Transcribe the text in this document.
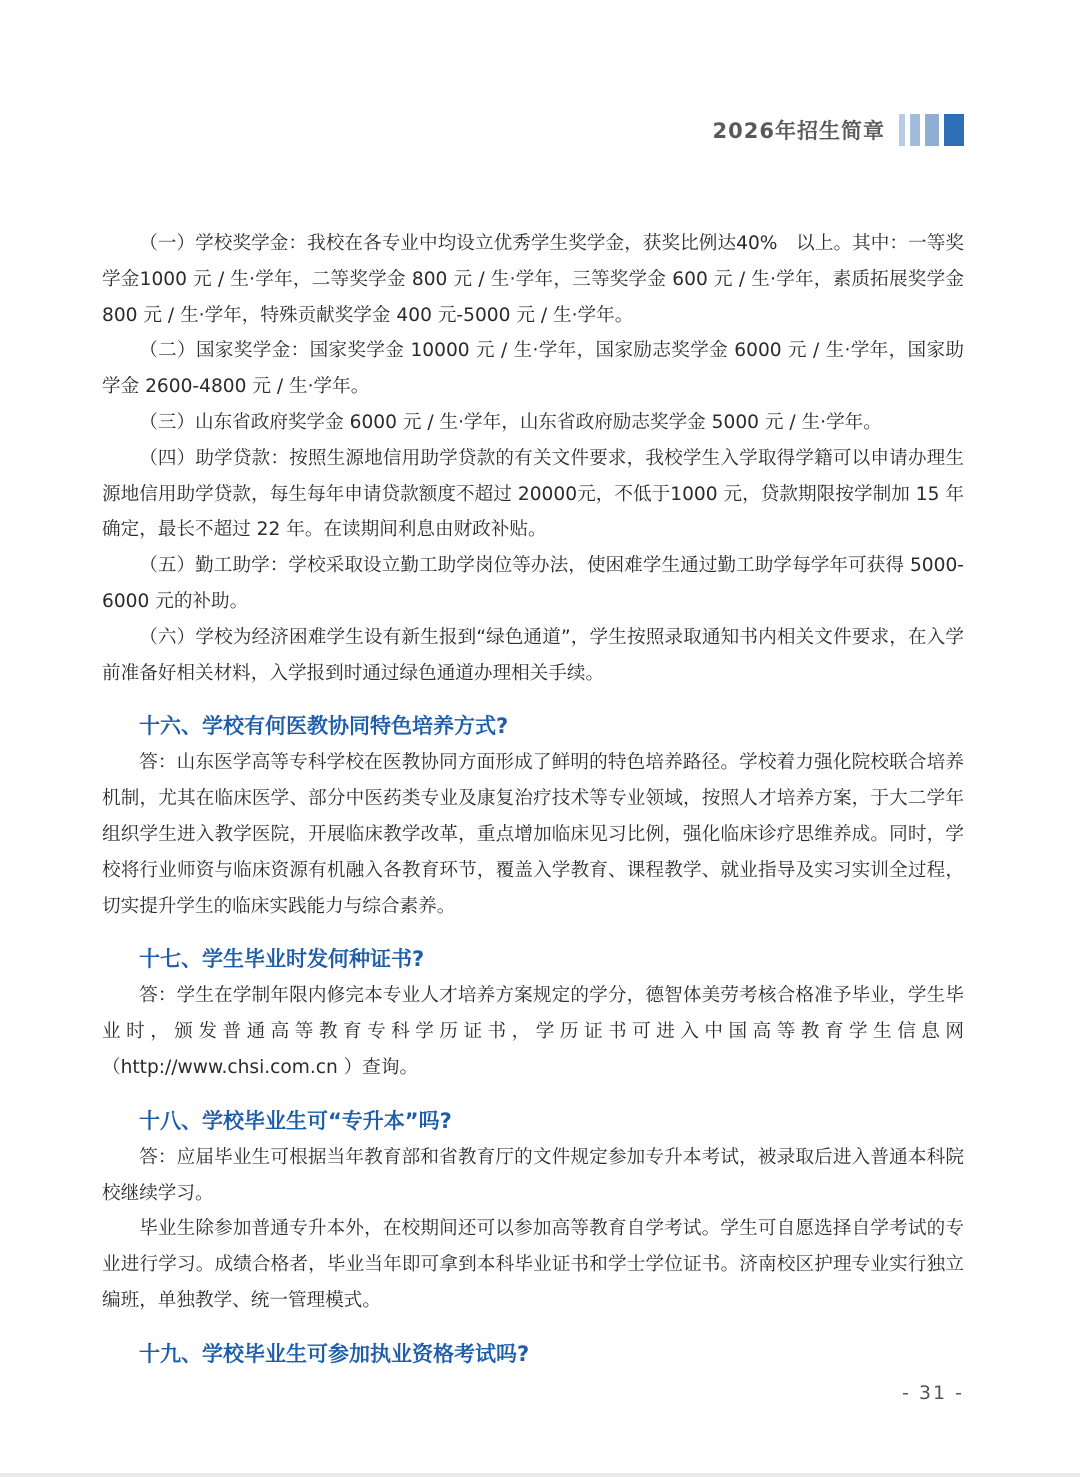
2026年招生简章

（一）学校奖学金：我校在各专业中均设立优秀学生奖学金，获奖比例达40%　以上。其中：一等奖学金1000 元 / 生·学年，二等奖学金 800 元 / 生·学年，三等奖学金 600 元 / 生·学年，素质拓展奖学金 800 元 / 生·学年，特殊贡献奖学金 400 元-5000 元 / 生·学年。

（二）国家奖学金：国家奖学金 10000 元 / 生·学年，国家励志奖学金 6000 元 / 生·学年，国家助学金 2600-4800 元 / 生·学年。

（三）山东省政府奖学金 6000 元 / 生·学年，山东省政府励志奖学金 5000 元 / 生·学年。

（四）助学贷款：按照生源地信用助学贷款的有关文件要求，我校学生入学取得学籍可以申请办理生源地信用助学贷款，每生每年申请贷款额度不超过 20000元，不低于1000 元，贷款期限按学制加 15 年确定，最长不超过 22 年。在读期间利息由财政补贴。

（五）勤工助学：学校采取设立勤工助学岗位等办法，使困难学生通过勤工助学每学年可获得 5000-6000 元的补助。

（六）学校为经济困难学生设有新生报到“绿色通道”，学生按照录取通知书内相关文件要求，在入学前准备好相关材料，入学报到时通过绿色通道办理相关手续。

十六、学校有何医教协同特色培养方式?

答：山东医学高等专科学校在医教协同方面形成了鲜明的特色培养路径。学校着力强化院校联合培养机制，尤其在临床医学、部分中医药类专业及康复治疗技术等专业领域，按照人才培养方案，于大二学年组织学生进入教学医院，开展临床教学改革，重点增加临床见习比例，强化临床诊疗思维养成。同时，学校将行业师资与临床资源有机融入各教育环节，覆盖入学教育、课程教学、就业指导及实习实训全过程，切实提升学生的临床实践能力与综合素养。

十七、学生毕业时发何种证书?

答：学生在学制年限内修完本专业人才培养方案规定的学分，德智体美劳考核合格准予毕业，学生毕业时，颁发普通高等教育专科学历证书，学历证书可进入中国高等教育学生信息网（http://www.chsi.com.cn ）查询。

十八、学校毕业生可“专升本”吗?

答：应届毕业生可根据当年教育部和省教育厅的文件规定参加专升本考试，被录取后进入普通本科院校继续学习。

毕业生除参加普通专升本外，在校期间还可以参加高等教育自学考试。学生可自愿选择自学考试的专业进行学习。成绩合格者，毕业当年即可拿到本科毕业证书和学士学位证书。济南校区护理专业实行独立编班，单独教学、统一管理模式。

十九、学校毕业生可参加执业资格考试吗?
- 31 -
